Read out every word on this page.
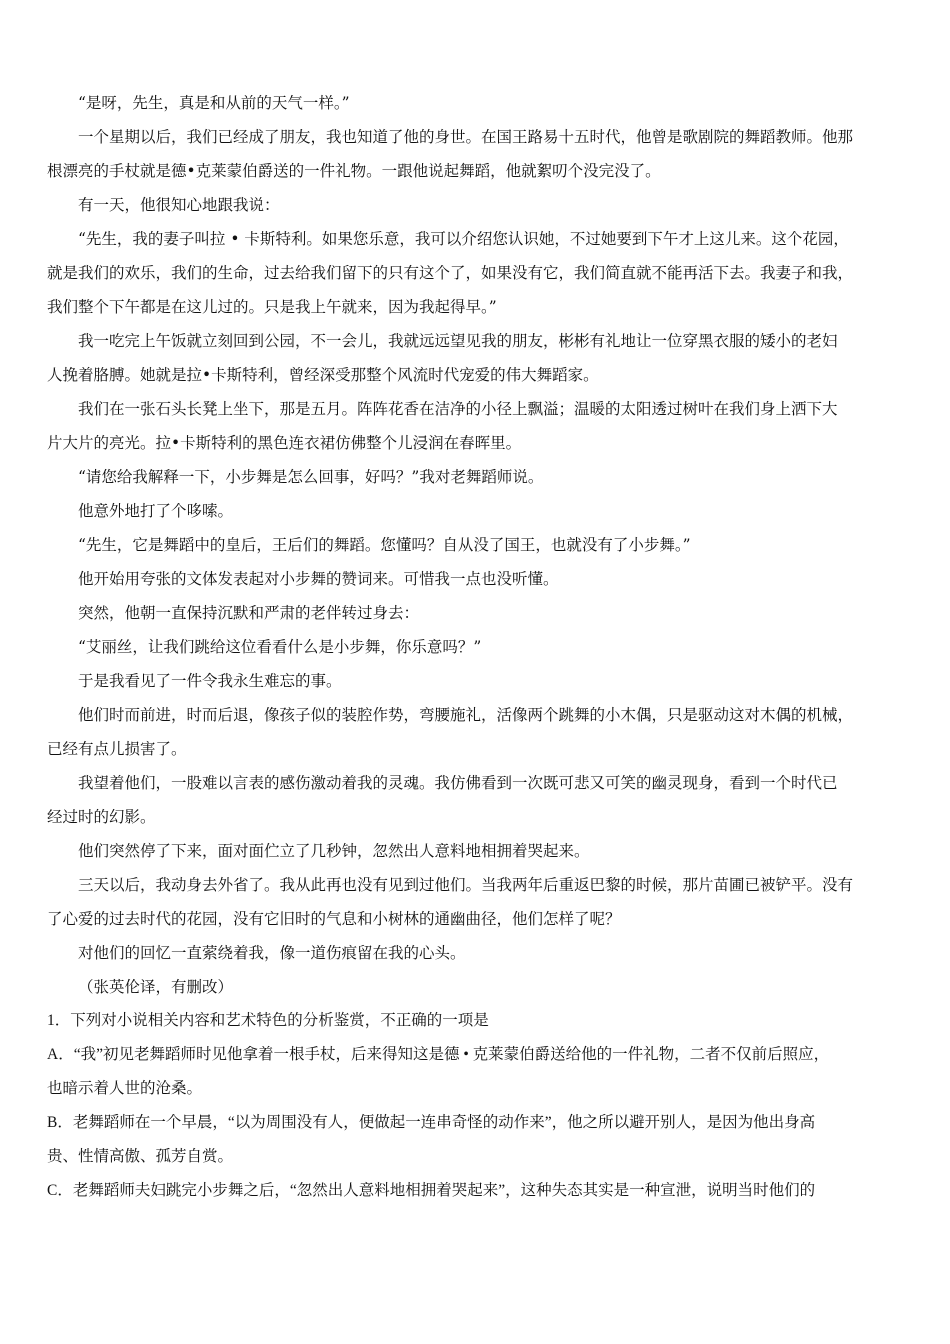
“是呀，先生，真是和从前的天气一样。”
一个星期以后，我们已经成了朋友，我也知道了他的身世。在国王路易十五时代，他曾是歌剧院的舞蹈教师。他那
根漂亮的手杖就是德•克莱蒙伯爵送的一件礼物。一跟他说起舞蹈，他就絮叨个没完没了。
有一天，他很知心地跟我说：
“先生，我的妻子叫拉 • 卡斯特利。如果您乐意，我可以介绍您认识她，不过她要到下午才上这儿来。这个花园，
就是我们的欢乐，我们的生命，过去给我们留下的只有这个了，如果没有它，我们简直就不能再活下去。我妻子和我，
我们整个下午都是在这儿过的。只是我上午就来，因为我起得早。”
我一吃完上午饭就立刻回到公园，不一会儿，我就远远望见我的朋友，彬彬有礼地让一位穿黑衣服的矮小的老妇
人挽着胳膊。她就是拉•卡斯特利，曾经深受那整个风流时代宠爱的伟大舞蹈家。
我们在一张石头长凳上坐下，那是五月。阵阵花香在洁净的小径上飘溢；温暖的太阳透过树叶在我们身上洒下大
片大片的亮光。拉•卡斯特利的黑色连衣裙仿佛整个儿浸润在春晖里。
“请您给我解释一下，小步舞是怎么回事，好吗？”我对老舞蹈师说。
他意外地打了个哆嗦。
“先生，它是舞蹈中的皇后，王后们的舞蹈。您懂吗？自从没了国王，也就没有了小步舞。”
他开始用夸张的文体发表起对小步舞的赞词来。可惜我一点也没听懂。
突然，他朝一直保持沉默和严肃的老伴转过身去：
“艾丽丝，让我们跳给这位看看什么是小步舞，你乐意吗？”
于是我看见了一件令我永生难忘的事。
他们时而前进，时而后退，像孩子似的装腔作势，弯腰施礼，活像两个跳舞的小木偶，只是驱动这对木偶的机械，
已经有点儿损害了。
我望着他们，一股难以言表的感伤激动着我的灵魂。我仿佛看到一次既可悲又可笑的幽灵现身，看到一个时代已
经过时的幻影。
他们突然停了下来，面对面伫立了几秒钟，忽然出人意料地相拥着哭起来。
三天以后，我动身去外省了。我从此再也没有见到过他们。当我两年后重返巴黎的时候，那片苗圃已被铲平。没有
了心爱的过去时代的花园，没有它旧时的气息和小树林的通幽曲径，他们怎样了呢？
对他们的回忆一直萦绕着我，像一道伤痕留在我的心头。
（张英伦译，有删改）
1．下列对小说相关内容和艺术特色的分析鉴赏，不正确的一项是
A．“我”初见老舞蹈师时见他拿着一根手杖，后来得知这是德 • 克莱蒙伯爵送给他的一件礼物，二者不仅前后照应，
也暗示着人世的沧桑。
B．老舞蹈师在一个早晨，“以为周围没有人，便做起一连串奇怪的动作来”，他之所以避开别人，是因为他出身高
贵、性情高傲、孤芳自赏。
C．老舞蹈师夫妇跳完小步舞之后，“忽然出人意料地相拥着哭起来”，这种失态其实是一种宣泄，说明当时他们的
